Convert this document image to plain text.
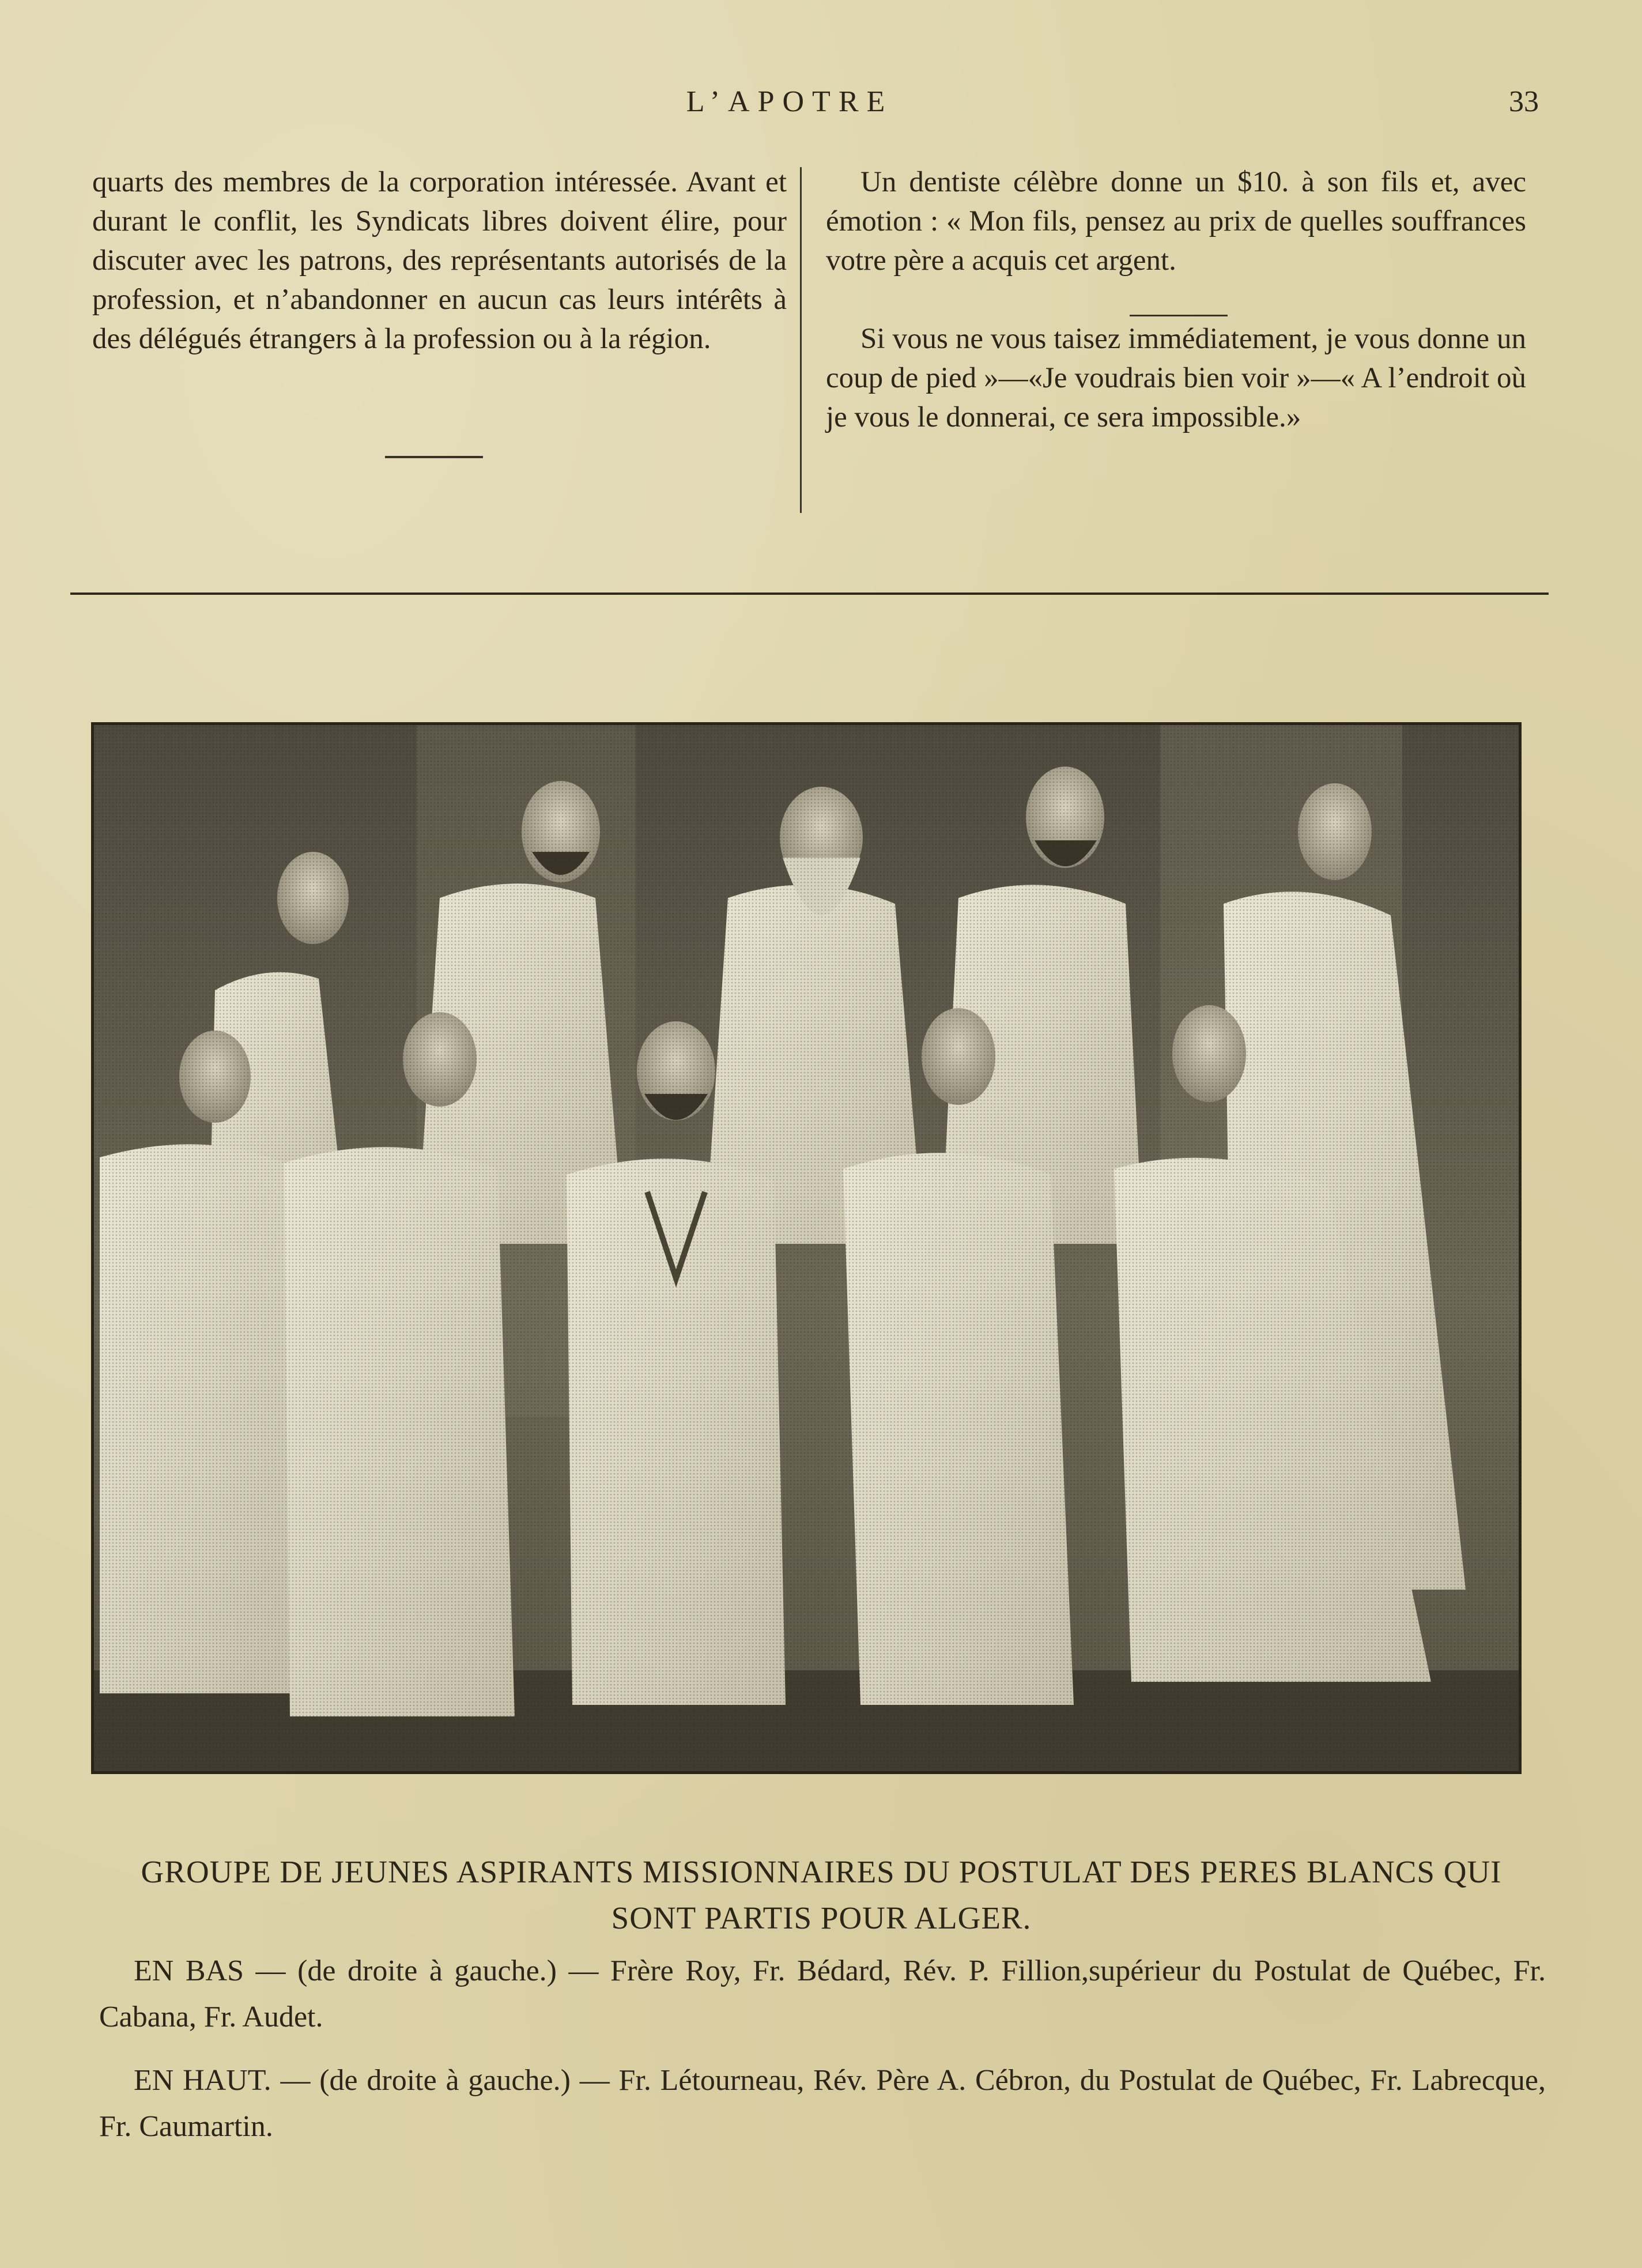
L’APOTRE	33

quarts des membres de la corporation intéressée. Avant et durant le conflit, les Syndicats libres doivent élire, pour discuter avec les patrons, des représentants autorisés de la profession, et n’abandonner en aucun cas leurs intérêts à des délégués étrangers à la profession ou à la région.

Un dentiste célèbre donne un $10. à son fils et, avec émotion : « Mon fils, pensez au prix de quelles souffrances votre père a acquis cet argent.

Si vous ne vous taisez immédiatement, je vous donne un coup de pied »—«Je voudrais bien voir »—« A l’endroit où je vous le donnerai, ce sera impossible.»

GROUPE DE JEUNES ASPIRANTS MISSIONNAIRES DU POSTULAT DES PERES BLANCS QUI SONT PARTIS POUR ALGER.

EN BAS — (de droite à gauche.) — Frère Roy, Fr. Bédard, Rév. P. Fillion,supérieur du Postulat de Québec, Fr. Cabana, Fr. Audet.

EN HAUT. — (de droite à gauche.) — Fr. Létourneau, Rév. Père A. Cébron, du Postulat de Québec, Fr. Labrecque, Fr. Caumartin.
